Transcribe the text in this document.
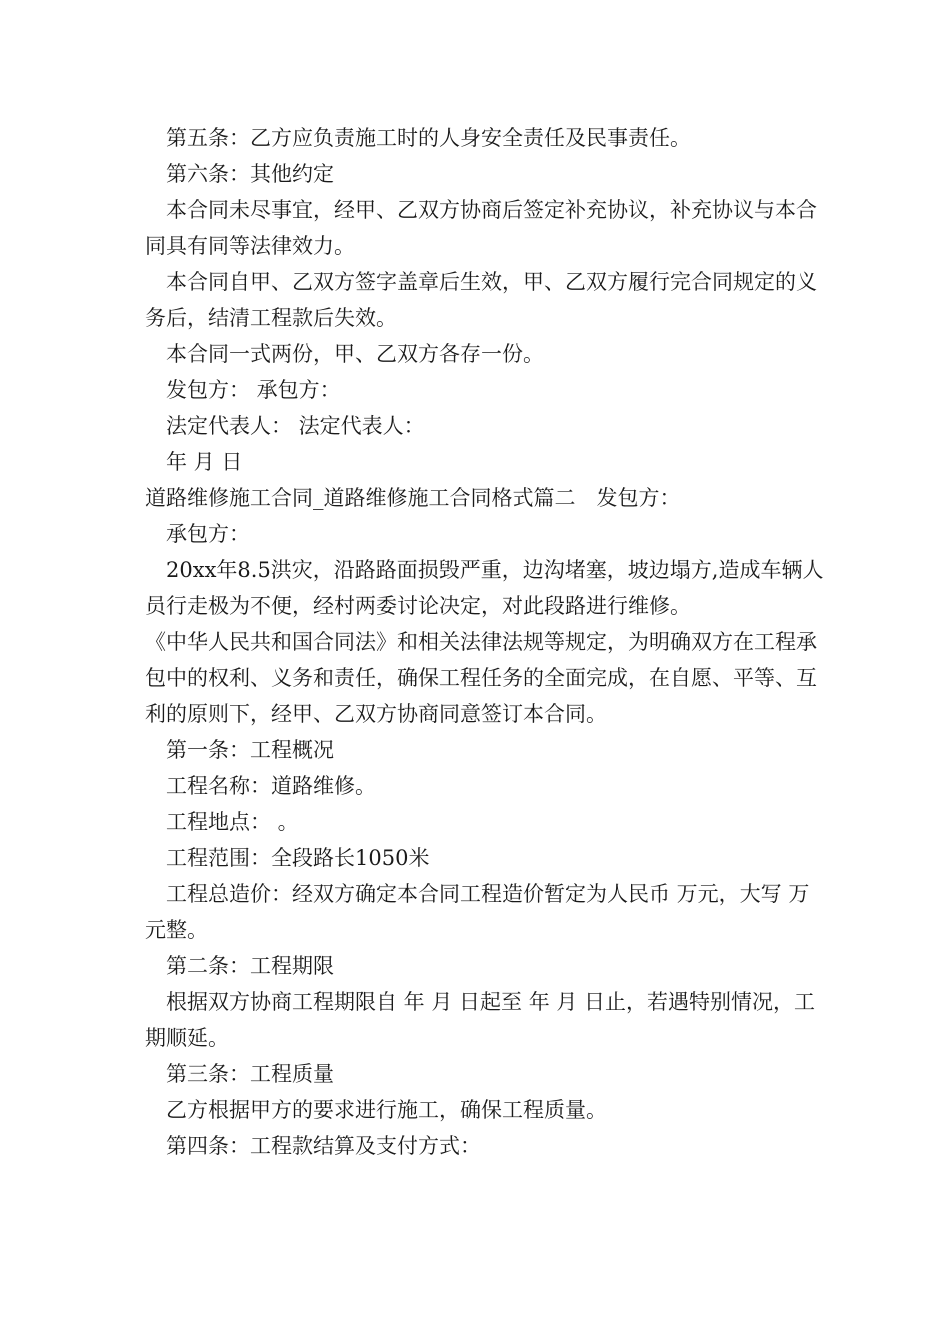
第五条：乙方应负责施工时的人身安全责任及民事责任。

第六条：其他约定

本合同未尽事宜，经甲、乙双方协商后签定补充协议，补充协议与本合同具有同等法律效力。

本合同自甲、乙双方签字盖章后生效，甲、乙双方履行完合同规定的义务后，结清工程款后失效。

本合同一式两份，甲、乙双方各存一份。

发包方： 承包方：

法定代表人： 法定代表人：

年 月 日

道路维修施工合同_道路维修施工合同格式篇二　发包方：

承包方：

20xx年8.5洪灾，沿路路面损毁严重，边沟堵塞，坡边塌方,造成车辆人员行走极为不便，经村两委讨论决定，对此段路进行维修。

《中华人民共和国合同法》和相关法律法规等规定，为明确双方在工程承包中的权利、义务和责任，确保工程任务的全面完成，在自愿、平等、互利的原则下，经甲、乙双方协商同意签订本合同。

第一条：工程概况

工程名称：道路维修。

工程地点： 。

工程范围：全段路长1050米

工程总造价：经双方确定本合同工程造价暂定为人民币 万元，大写 万元整。

第二条：工程期限

根据双方协商工程期限自 年 月 日起至 年 月 日止，若遇特别情况，工期顺延。

第三条：工程质量

乙方根据甲方的要求进行施工，确保工程质量。

第四条：工程款结算及支付方式：
